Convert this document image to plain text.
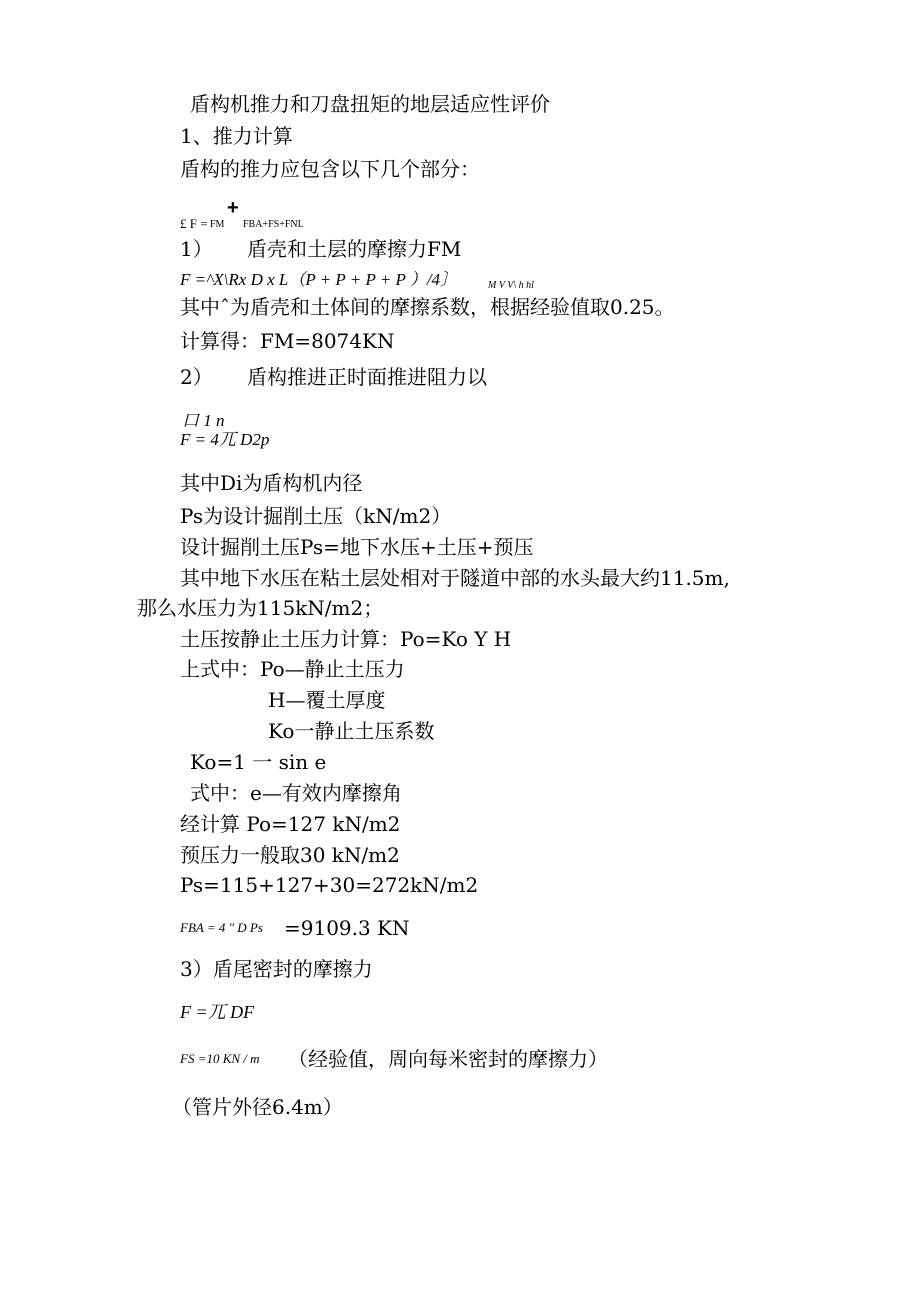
盾构机推力和刀盘扭矩的地层适应性评价
1、推力计算
盾构的推力应包含以下几个部分：
£ F = FM
+
FBA+FS+FNL
1） 盾壳和土层的摩擦力FM
F =^X\Rx D x L（P + P + P + P ）/4〕	M V V\ h hl
其中ˆ为盾壳和土体间的摩擦系数，根据经验值取0.25。
计算得：FM=8074KN
2） 盾构推进正时面推进阻力以
口 1 n
F = 4兀 D2p
其中Di为盾构机内径
Ps为设计掘削土压（kN/m2）
设计掘削土压Ps=地下水压+土压+预压
其中地下水压在粘土层处相对于隧道中部的水头最大约11.5m,
那么水压力为115kN/m2；
土压按静止土压力计算：Po=Ko Y H
上式中：Po—静止土压力
H—覆土厚度
Ko一静止土压系数
Ko=1 一 sin e
式中：e—有效内摩擦角
经计算 Po=127 kN/m2
预压力一般取30 kN/m2
Ps=115+127+30=272kN/m2
FBA = 4 ″ D Ps =9109.3 KN
3）盾尾密封的摩擦力
F =兀 DF
FS =10 KN / m （经验值，周向每米密封的摩擦力）
（管片外径6.4m）
